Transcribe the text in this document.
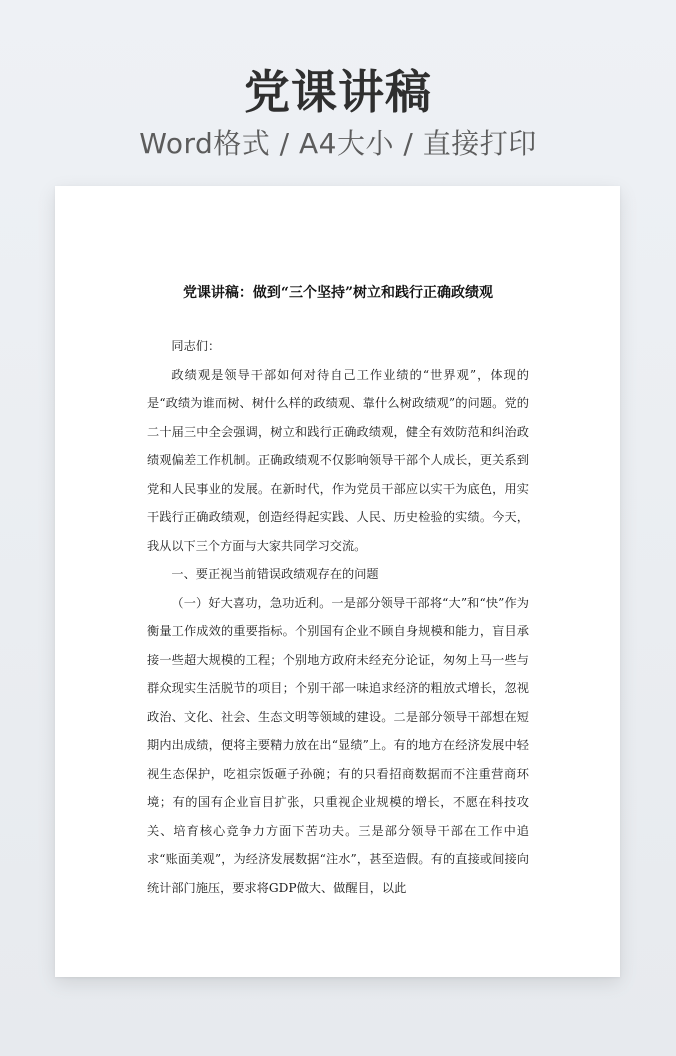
党课讲稿

Word格式 / A4大小 / 直接打印

党课讲稿：做到“三个坚持”树立和践行正确政绩观

同志们：

政绩观是领导干部如何对待自己工作业绩的“世界观”，体现的是“政绩为谁而树、树什么样的政绩观、靠什么树政绩观”的问题。党的二十届三中全会强调，树立和践行正确政绩观，健全有效防范和纠治政绩观偏差工作机制。正确政绩观不仅影响领导干部个人成长，更关系到党和人民事业的发展。在新时代，作为党员干部应以实干为底色，用实干践行正确政绩观，创造经得起实践、人民、历史检验的实绩。今天，我从以下三个方面与大家共同学习交流。

一、要正视当前错误政绩观存在的问题

（一）好大喜功，急功近利。一是部分领导干部将“大”和“快”作为衡量工作成效的重要指标。个别国有企业不顾自身规模和能力，盲目承接一些超大规模的工程；个别地方政府未经充分论证，匆匆上马一些与群众现实生活脱节的项目；个别干部一味追求经济的粗放式增长，忽视政治、文化、社会、生态文明等领域的建设。二是部分领导干部想在短期内出成绩，便将主要精力放在出“显绩”上。有的地方在经济发展中轻视生态保护，吃祖宗饭砸子孙碗；有的只看招商数据而不注重营商环境；有的国有企业盲目扩张，只重视企业规模的增长，不愿在科技攻关、培育核心竞争力方面下苦功夫。三是部分领导干部在工作中追求“账面美观”，为经济发展数据“注水”，甚至造假。有的直接或间接向统计部门施压，要求将GDP做大、做醒目，以此
